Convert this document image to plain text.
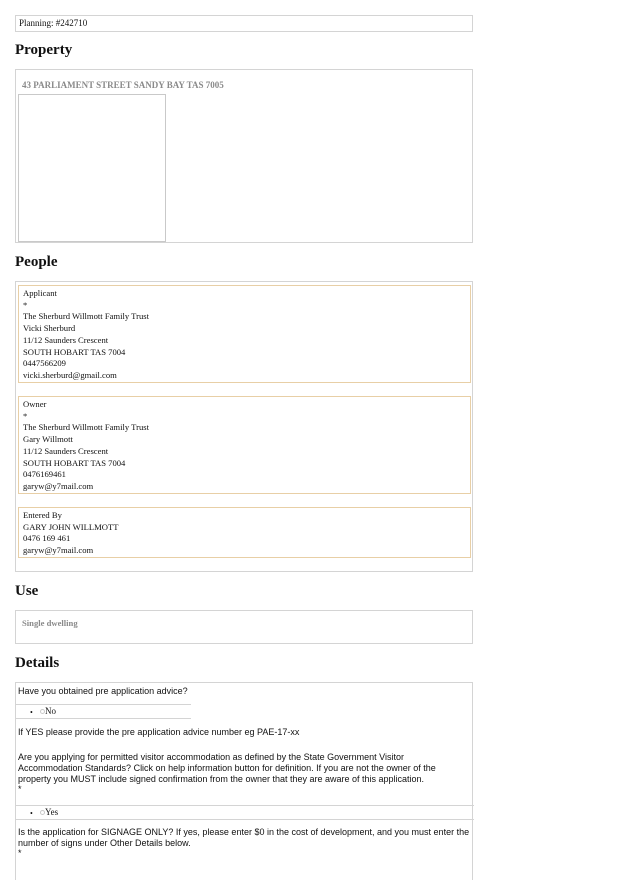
Planning: #242710
Property
43 PARLIAMENT STREET SANDY BAY TAS 7005
People
Applicant
*
The Sherburd Willmott Family Trust
Vicki Sherburd
11/12 Saunders Crescent
SOUTH HOBART TAS 7004
0447566209
vicki.sherburd@gmail.com
Owner
*
The Sherburd Willmott Family Trust
Gary Willmott
11/12 Saunders Crescent
SOUTH HOBART TAS 7004
0476169461
garyw@y7mail.com
Entered By
GARY JOHN WILLMOTT
0476 169 461
garyw@y7mail.com
Use
Single dwelling
Details
Have you obtained pre application advice?
• No
If YES please provide the pre application advice number eg PAE-17-xx
Are you applying for permitted visitor accommodation as defined by the State Government Visitor
Accommodation Standards? Click on help information button for definition. If you are not the owner of the
property you MUST include signed confirmation from the owner that they are aware of this application.
*
• Yes
Is the application for SIGNAGE ONLY? If yes, please enter $0 in the cost of development, and you must enter the
number of signs under Other Details below.
*
